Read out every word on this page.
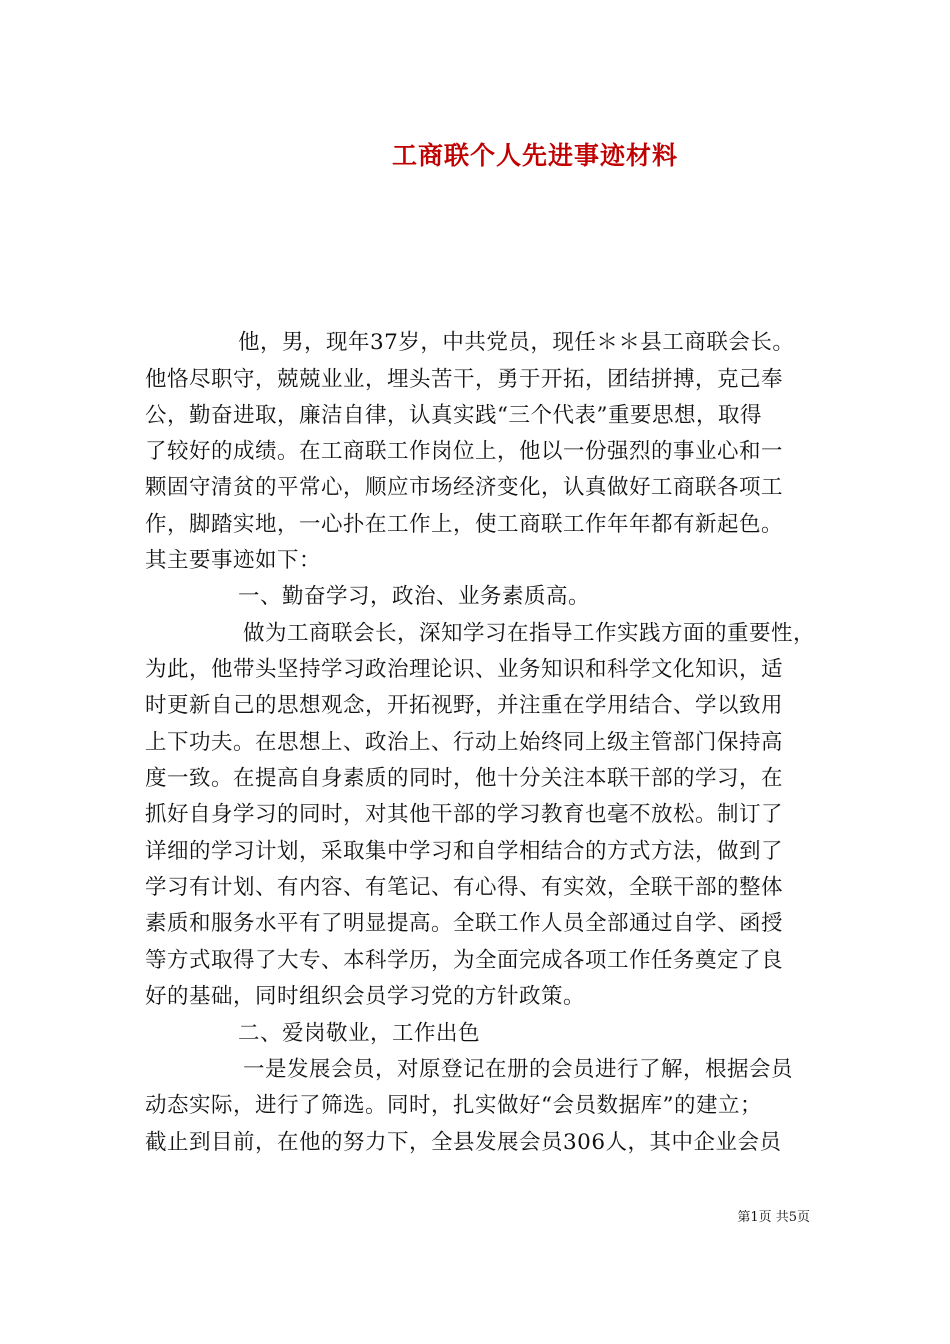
工商联个人先进事迹材料
他，男，现年37岁，中共党员，现任＊＊县工商联会长。
他恪尽职守，兢兢业业，埋头苦干，勇于开拓，团结拼搏，克己奉
公，勤奋进取，廉洁自律，认真实践“三个代表”重要思想，取得
了较好的成绩。在工商联工作岗位上，他以一份强烈的事业心和一
颗固守清贫的平常心，顺应市场经济变化，认真做好工商联各项工
作，脚踏实地，一心扑在工作上，使工商联工作年年都有新起色。
其主要事迹如下：
一、勤奋学习，政治、业务素质高。
做为工商联会长，深知学习在指导工作实践方面的重要性，
为此，他带头坚持学习政治理论识、业务知识和科学文化知识，适
时更新自己的思想观念，开拓视野，并注重在学用结合、学以致用
上下功夫。在思想上、政治上、行动上始终同上级主管部门保持高
度一致。在提高自身素质的同时，他十分关注本联干部的学习，在
抓好自身学习的同时，对其他干部的学习教育也毫不放松。制订了
详细的学习计划，采取集中学习和自学相结合的方式方法，做到了
学习有计划、有内容、有笔记、有心得、有实效，全联干部的整体
素质和服务水平有了明显提高。全联工作人员全部通过自学、函授
等方式取得了大专、本科学历，为全面完成各项工作任务奠定了良
好的基础，同时组织会员学习党的方针政策。
二、爱岗敬业，工作出色
一是发展会员，对原登记在册的会员进行了解，根据会员
动态实际，进行了筛选。同时，扎实做好“会员数据库”的建立；
截止到目前，在他的努力下，全县发展会员306人，其中企业会员
第1页 共5页
